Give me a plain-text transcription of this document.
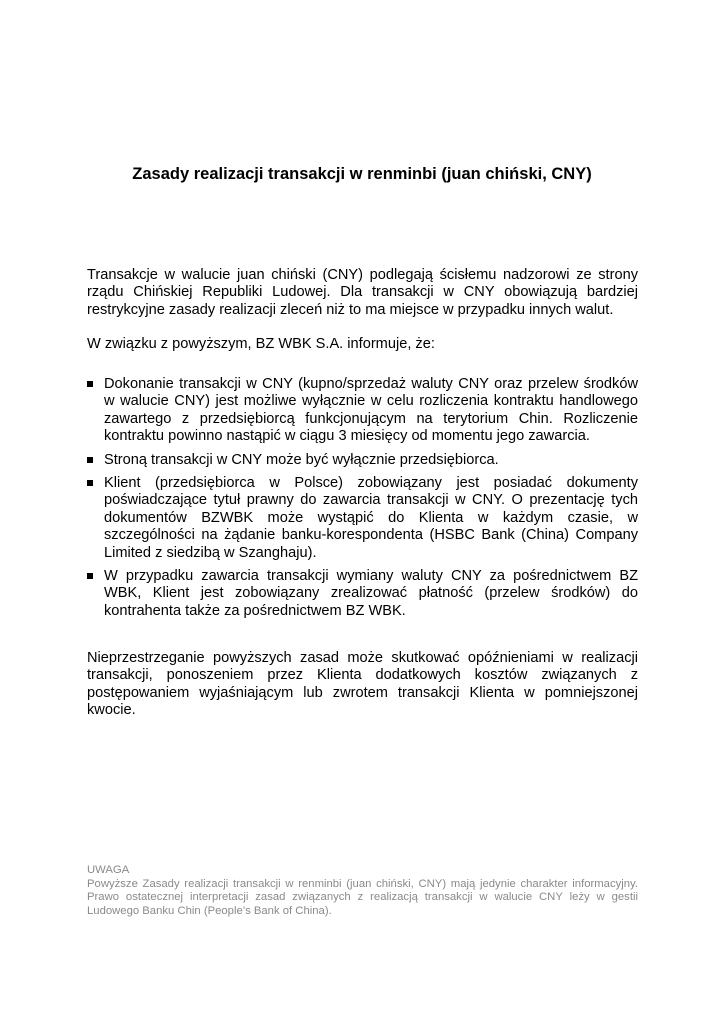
Zasady realizacji transakcji w renminbi (juan chiński, CNY)

Transakcje w walucie juan chiński (CNY) podlegają ścisłemu nadzorowi ze strony rządu Chińskiej Republiki Ludowej. Dla transakcji w CNY obowiązują bardziej restrykcyjne zasady realizacji zleceń niż to ma miejsce w przypadku innych walut.

W związku z powyższym, BZ WBK S.A. informuje, że:

Dokonanie transakcji w CNY (kupno/sprzedaż waluty CNY oraz przelew środków w walucie CNY) jest możliwe wyłącznie w celu rozliczenia kontraktu handlowego zawartego z przedsiębiorcą funkcjonującym na terytorium Chin. Rozliczenie kontraktu powinno nastąpić w ciągu 3 miesięcy od momentu jego zawarcia.
Stroną transakcji w CNY może być wyłącznie przedsiębiorca.
Klient (przedsiębiorca w Polsce) zobowiązany jest posiadać dokumenty poświadczające tytuł prawny do zawarcia transakcji w CNY. O prezentację tych dokumentów BZWBK może wystąpić do Klienta w każdym czasie, w szczególności na żądanie banku-korespondenta (HSBC Bank (China) Company Limited z siedzibą w Szanghaju).
W przypadku zawarcia transakcji wymiany waluty CNY za pośrednictwem BZ WBK, Klient jest zobowiązany zrealizować płatność (przelew środków) do kontrahenta także za pośrednictwem BZ WBK.

Nieprzestrzeganie powyższych zasad może skutkować opóźnieniami w realizacji transakcji, ponoszeniem przez Klienta dodatkowych kosztów związanych z postępowaniem wyjaśniającym lub zwrotem transakcji Klienta w pomniejszonej kwocie.

UWAGA
Powyższe Zasady realizacji transakcji w renminbi (juan chiński, CNY) mają jedynie charakter informacyjny. Prawo ostatecznej interpretacji zasad związanych z realizacją transakcji w walucie CNY leży w gestii Ludowego Banku Chin (People’s Bank of China).
